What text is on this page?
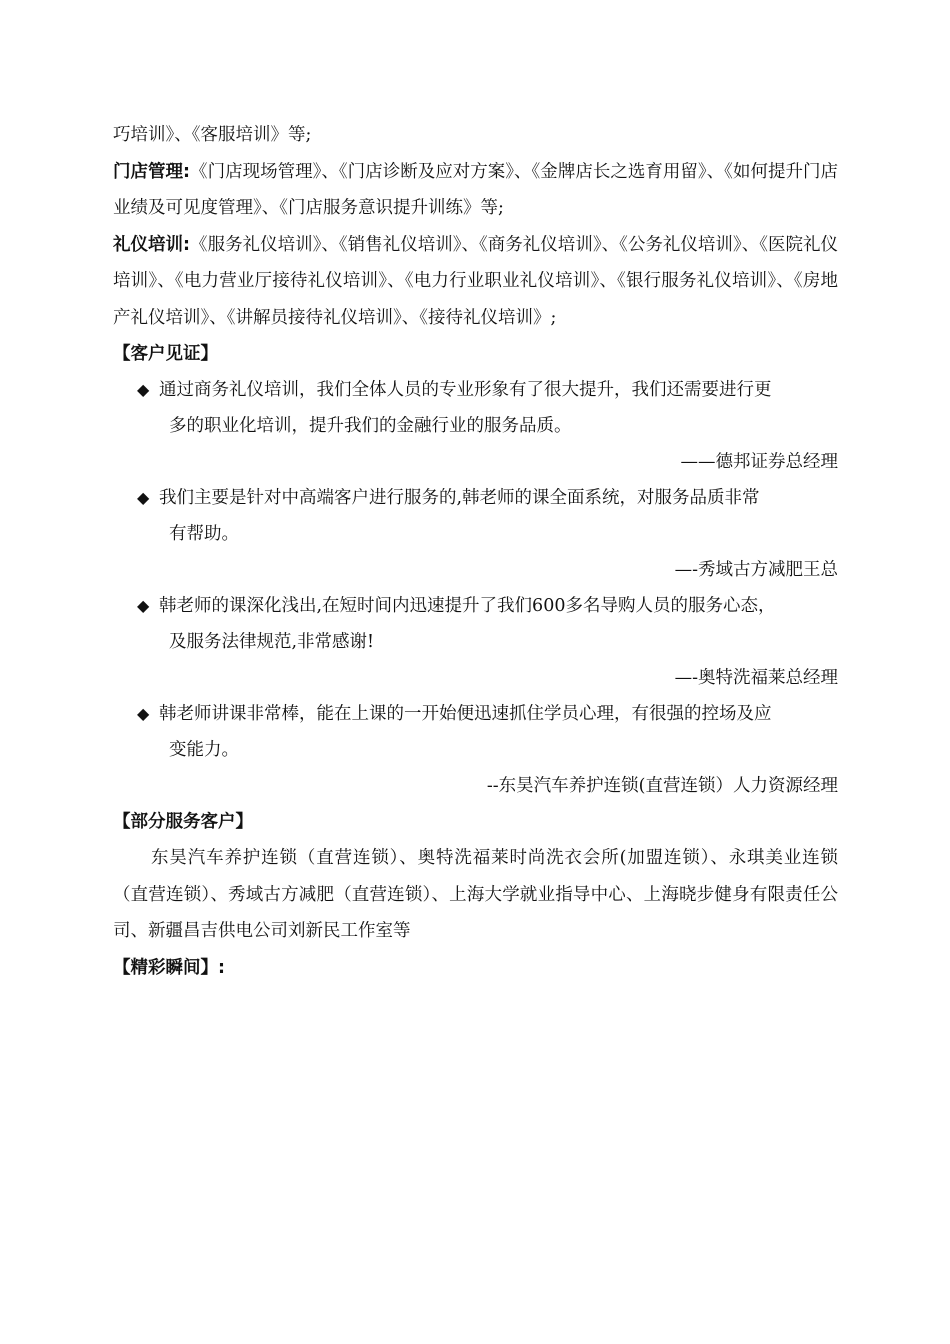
巧培训》、《客服培训》等;

门店管理:《门店现场管理》、《门店诊断及应对方案》、《金牌店长之选育用留》、《如何提升门店业绩及可见度管理》、《门店服务意识提升训练》等;

礼仪培训:《服务礼仪培训》、《销售礼仪培训》、《商务礼仪培训》、《公务礼仪培训》、《医院礼仪培训》、《电力营业厅接待礼仪培训》、《电力行业职业礼仪培训》、《银行服务礼仪培训》、《房地产礼仪培训》、《讲解员接待礼仪培训》、《接待礼仪培训》;

【客户见证】

◆ 通过商务礼仪培训，我们全体人员的专业形象有了很大提升，我们还需要进行更
多的职业化培训，提升我们的金融行业的服务品质。

——德邦证券总经理

◆ 我们主要是针对中高端客户进行服务的,韩老师的课全面系统，对服务品质非常
有帮助。

—-秀域古方减肥王总

◆ 韩老师的课深化浅出,在短时间内迅速提升了我们600多名导购人员的服务心态，
及服务法律规范,非常感谢!

—-奥特洗福莱总经理

◆ 韩老师讲课非常棒，能在上课的一开始便迅速抓住学员心理，有很强的控场及应
变能力。

--东昊汽车养护连锁(直营连锁）人力资源经理

【部分服务客户】

东昊汽车养护连锁（直营连锁）、奥特洗福莱时尚洗衣会所(加盟连锁）、永琪美业连锁（直营连锁）、秀域古方减肥（直营连锁）、上海大学就业指导中心、上海晓步健身有限责任公司、新疆昌吉供电公司刘新民工作室等

【精彩瞬间】:
